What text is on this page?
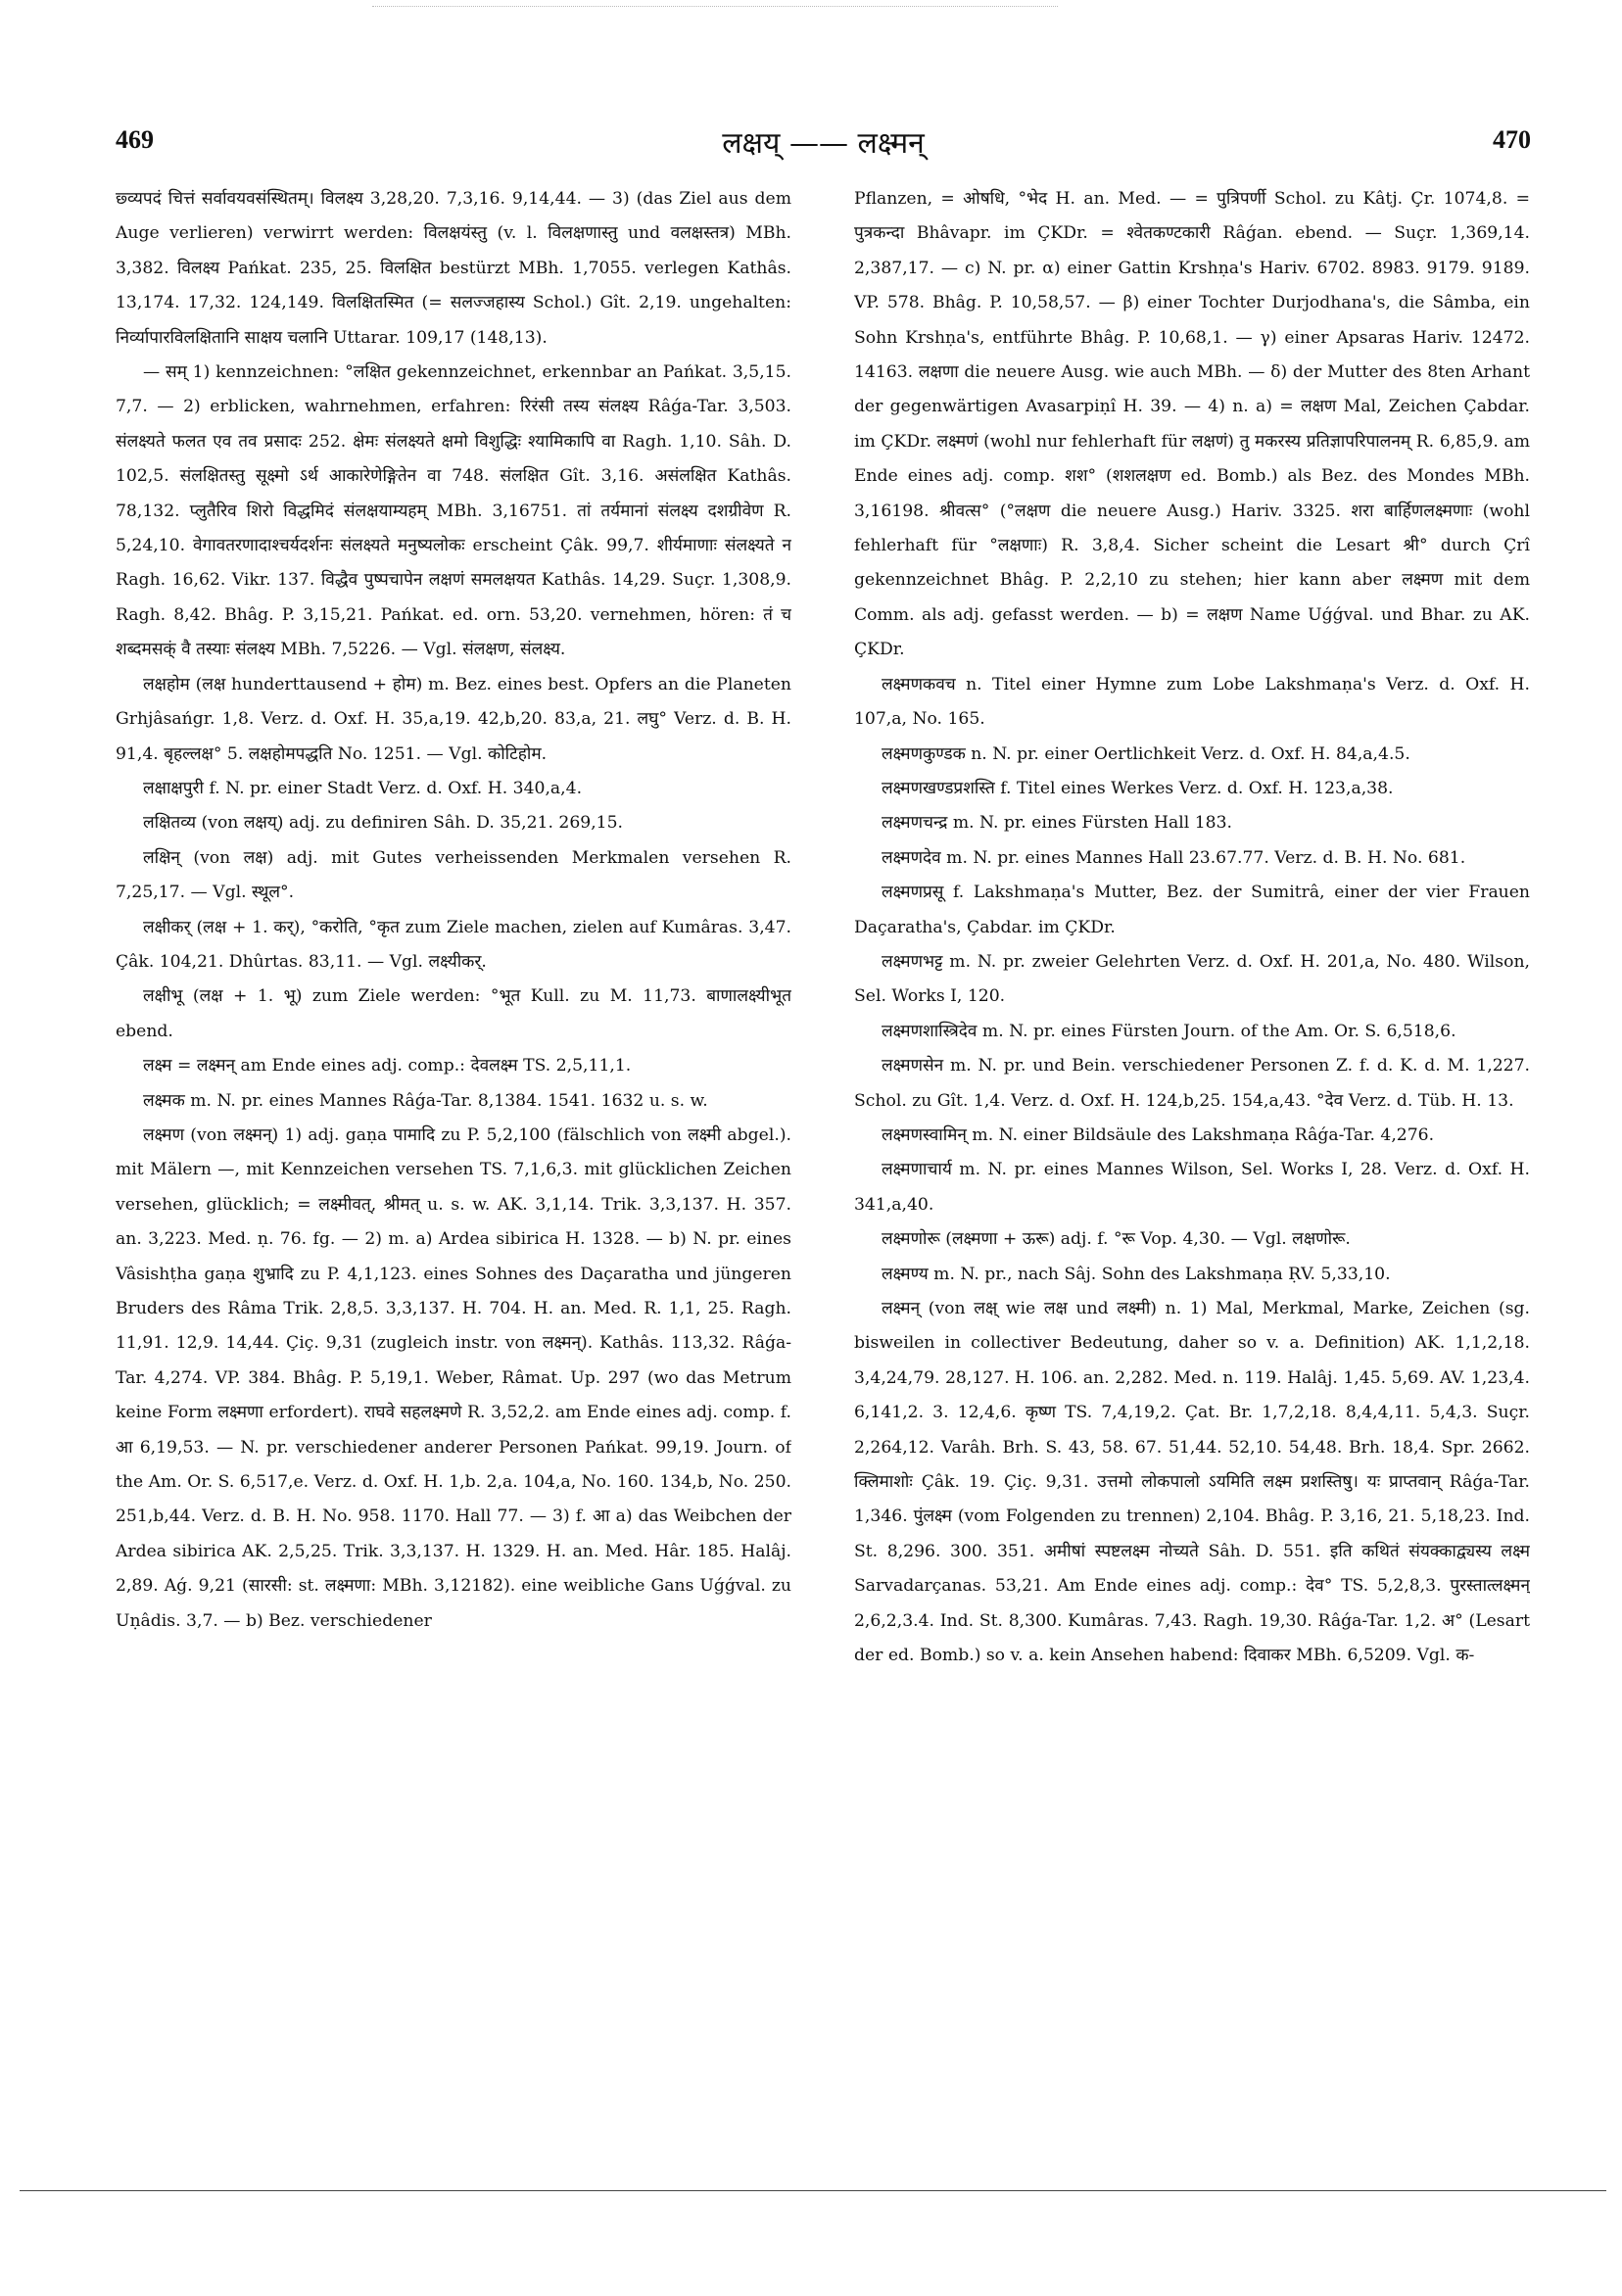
469	लक्षय् —— लक्ष्मन्	470

छ्व्यपदं चित्तं सर्वावयवसंस्थितम्। विलक्ष्य 3,28,20. 7,3,16. 9,14,44. — 3) (das Ziel aus dem Auge verlieren) verwirrt werden: विलक्षयंस्तु (v. l. विलक्षणास्तु und वलक्षस्तत्र) MBh. 3,382. विलक्ष्य Pańkat. 235, 25. विलक्षित bestürzt MBh. 1,7055. verlegen Kathâs. 13,174. 17,32. 124,149. विलक्षितस्मित (= सलज्जहास्य Schol.) Gît. 2,19. ungehalten: निर्व्यापारविलक्षितानि साक्षय चलानि Uttarar. 109,17 (148,13).

— सम् 1) kennzeichnen: °लक्षित gekennzeichnet, erkennbar an Pańkat. 3,5,15. 7,7. — 2) erblicken, wahrnehmen, erfahren: रिरंसी तस्य संलक्ष्य Râǵa-Tar. 3,503. संलक्ष्यते फलत एव तव प्रसादः 252. क्षेमः संलक्ष्यते क्षमो विशुद्धिः श्यामिकापि वा Ragh. 1,10. Sâh. D. 102,5. संलक्षितस्तु सूक्ष्मो ऽर्थ आकारेणेङ्गितेन वा 748. संलक्षित Gît. 3,16. असंलक्षित Kathâs. 78,132. प्लुतैरिव शिरो विद्धमिदं संलक्षयाम्यहम् MBh. 3,16751. तां तर्यमानां संलक्ष्य दशग्रीवेण R. 5,24,10. वेगावतरणादाश्चर्यदर्शनः संलक्ष्यते मनुष्यलोकः erscheint Çâk. 99,7. शीर्यमाणाः संलक्ष्यते न Ragh. 16,62. Vikr. 137. विद्धैव पुष्पचापेन लक्षणं समलक्षयत Kathâs. 14,29. Suçr. 1,308,9. Ragh. 8,42. Bhâg. P. 3,15,21. Pańkat. ed. orn. 53,20. vernehmen, hören: तं च शब्दमसक्ं वै तस्याः संलक्ष्य MBh. 7,5226. — Vgl. संलक्षण, संलक्ष्य.

लक्षहोम (लक्ष hunderttausend + होम) m. Bez. eines best. Opfers an die Planeten Grhjâsańgr. 1,8. Verz. d. Oxf. H. 35,a,19. 42,b,20. 83,a, 21. लघु° Verz. d. B. H. 91,4. बृहल्लक्ष° 5. लक्षहोमपद्धति No. 1251. — Vgl. कोटिहोम.

लक्षाक्षपुरी f. N. pr. einer Stadt Verz. d. Oxf. H. 340,a,4.

लक्षितव्य (von लक्षय्) adj. zu definiren Sâh. D. 35,21. 269,15.

लक्षिन् (von लक्ष) adj. mit Gutes verheissenden Merkmalen versehen R. 7,25,17. — Vgl. स्थूल°.

लक्षीकर् (लक्ष + 1. कर्), °करोति, °कृत zum Ziele machen, zielen auf Kumâras. 3,47. Çâk. 104,21. Dhûrtas. 83,11. — Vgl. लक्ष्यीकर्.

लक्षीभू (लक्ष + 1. भू) zum Ziele werden: °भूत Kull. zu M. 11,73. बाणालक्ष्यीभूत ebend.

लक्ष्म = लक्ष्मन् am Ende eines adj. comp.: देवलक्ष्म TS. 2,5,11,1.

लक्ष्मक m. N. pr. eines Mannes Râǵa-Tar. 8,1384. 1541. 1632 u. s. w.

लक्ष्मण (von लक्ष्मन्) 1) adj. gaṇa पामादि zu P. 5,2,100 (fälschlich von लक्ष्मी abgel.). mit Mälern —, mit Kennzeichen versehen TS. 7,1,6,3. mit glücklichen Zeichen versehen, glücklich; = लक्ष्मीवत्, श्रीमत् u. s. w. AK. 3,1,14. Trik. 3,3,137. H. 357. an. 3,223. Med. ṇ. 76. fg. — 2) m. a) Ardea sibirica H. 1328. — b) N. pr. eines Vâsishṭha gaṇa शुभ्रादि zu P. 4,1,123. eines Sohnes des Daçaratha und jüngeren Bruders des Râma Trik. 2,8,5. 3,3,137. H. 704. H. an. Med. R. 1,1, 25. Ragh. 11,91. 12,9. 14,44. Çiç. 9,31 (zugleich instr. von लक्ष्मन्). Kathâs. 113,32. Râǵa-Tar. 4,274. VP. 384. Bhâg. P. 5,19,1. Weber, Râmat. Up. 297 (wo das Metrum keine Form लक्ष्मणा erfordert). राघवे सहलक्ष्मणे R. 3,52,2. am Ende eines adj. comp. f. आ 6,19,53. — N. pr. verschiedener anderer Personen Pańkat. 99,19. Journ. of the Am. Or. S. 6,517,e. Verz. d. Oxf. H. 1,b. 2,a. 104,a, No. 160. 134,b, No. 250. 251,b,44. Verz. d. B. H. No. 958. 1170. Hall 77. — 3) f. आ a) das Weibchen der Ardea sibirica AK. 2,5,25. Trik. 3,3,137. H. 1329. H. an. Med. Hâr. 185. Halâj. 2,89. Aǵ. 9,21 (सारसी: st. लक्ष्मणा: MBh. 3,12182). eine weibliche Gans Uǵǵval. zu Uṇâdis. 3,7. — b) Bez. verschiedener

Pflanzen, = ओषधि, °भेद H. an. Med. — = पुत्रिपर्णी Schol. zu Kâtj. Çr. 1074,8. = पुत्रकन्दा Bhâvapr. im ÇKDr. = श्वेतकण्टकारी Râǵan. ebend. — Suçr. 1,369,14. 2,387,17. — c) N. pr. α) einer Gattin Krshṇa's Hariv. 6702. 8983. 9179. 9189. VP. 578. Bhâg. P. 10,58,57. — β) einer Tochter Durjodhana's, die Sâmba, ein Sohn Krshṇa's, entführte Bhâg. P. 10,68,1. — γ) einer Apsaras Hariv. 12472. 14163. लक्षणा die neuere Ausg. wie auch MBh. — δ) der Mutter des 8ten Arhant der gegenwärtigen Avasarpiṇî H. 39. — 4) n. a) = लक्षण Mal, Zeichen Çabdar. im ÇKDr. लक्ष्मणं (wohl nur fehlerhaft für लक्षणं) तु मकरस्य प्रतिज्ञापरिपालनम् R. 6,85,9. am Ende eines adj. comp. शश° (शशलक्षण ed. Bomb.) als Bez. des Mondes MBh. 3,16198. श्रीवत्स° (°लक्षण die neuere Ausg.) Hariv. 3325. शरा बार्हिणलक्ष्मणाः (wohl fehlerhaft für °लक्षणाः) R. 3,8,4. Sicher scheint die Lesart श्री° durch Çrî gekennzeichnet Bhâg. P. 2,2,10 zu stehen; hier kann aber लक्ष्मण mit dem Comm. als adj. gefasst werden. — b) = लक्षण Name Uǵǵval. und Bhar. zu AK. ÇKDr.

लक्ष्मणकवच n. Titel einer Hymne zum Lobe Lakshmaṇa's Verz. d. Oxf. H. 107,a, No. 165.

लक्ष्मणकुण्डक n. N. pr. einer Oertlichkeit Verz. d. Oxf. H. 84,a,4.5.

लक्ष्मणखण्डप्रशस्ति f. Titel eines Werkes Verz. d. Oxf. H. 123,a,38.

लक्ष्मणचन्द्र m. N. pr. eines Fürsten Hall 183.

लक्ष्मणदेव m. N. pr. eines Mannes Hall 23.67.77. Verz. d. B. H. No. 681.

लक्ष्मणप्रसू f. Lakshmaṇa's Mutter, Bez. der Sumitrâ, einer der vier Frauen Daçaratha's, Çabdar. im ÇKDr.

लक्ष्मणभट्ट m. N. pr. zweier Gelehrten Verz. d. Oxf. H. 201,a, No. 480. Wilson, Sel. Works I, 120.

लक्ष्मणशास्त्रिदेव m. N. pr. eines Fürsten Journ. of the Am. Or. S. 6,518,6.

लक्ष्मणसेन m. N. pr. und Bein. verschiedener Personen Z. f. d. K. d. M. 1,227. Schol. zu Gît. 1,4. Verz. d. Oxf. H. 124,b,25. 154,a,43. °देव Verz. d. Tüb. H. 13.

लक्ष्मणस्वामिन् m. N. einer Bildsäule des Lakshmaṇa Râǵa-Tar. 4,276.

लक्ष्मणाचार्य m. N. pr. eines Mannes Wilson, Sel. Works I, 28. Verz. d. Oxf. H. 341,a,40.

लक्ष्मणोरू (लक्ष्मणा + ऊरू) adj. f. °रू Vop. 4,30. — Vgl. लक्षणोरू.

लक्ष्मण्य m. N. pr., nach Sâj. Sohn des Lakshmaṇa ṚV. 5,33,10.

लक्ष्मन् (von लक्ष् wie लक्ष und लक्ष्मी) n. 1) Mal, Merkmal, Marke, Zeichen (sg. bisweilen in collectiver Bedeutung, daher so v. a. Definition) AK. 1,1,2,18. 3,4,24,79. 28,127. H. 106. an. 2,282. Med. n. 119. Halâj. 1,45. 5,69. AV. 1,23,4. 6,141,2. 3. 12,4,6. कृष्ण TS. 7,4,19,2. Çat. Br. 1,7,2,18. 8,4,4,11. 5,4,3. Suçr. 2,264,12. Varâh. Brh. S. 43, 58. 67. 51,44. 52,10. 54,48. Brh. 18,4. Spr. 2662. क्लिमाशोः Çâk. 19. Çiç. 9,31. उत्तमो लोकपालो ऽयमिति लक्ष्म प्रशस्तिषु। यः प्राप्तवान् Râǵa-Tar. 1,346. पुंलक्ष्म (vom Folgenden zu trennen) 2,104. Bhâg. P. 3,16, 21. 5,18,23. Ind. St. 8,296. 300. 351. अमीषां स्पष्टलक्ष्म नोच्यते Sâh. D. 551. इति कथितं संयक्काद्व्यस्य लक्ष्म Sarvadarçanas. 53,21. Am Ende eines adj. comp.: देव° TS. 5,2,8,3. पुरस्तात्लक्ष्मन् 2,6,2,3.4. Ind. St. 8,300. Kumâras. 7,43. Ragh. 19,30. Râǵa-Tar. 1,2. अ° (Lesart der ed. Bomb.) so v. a. kein Ansehen habend: दिवाकर MBh. 6,5209. Vgl. क-
